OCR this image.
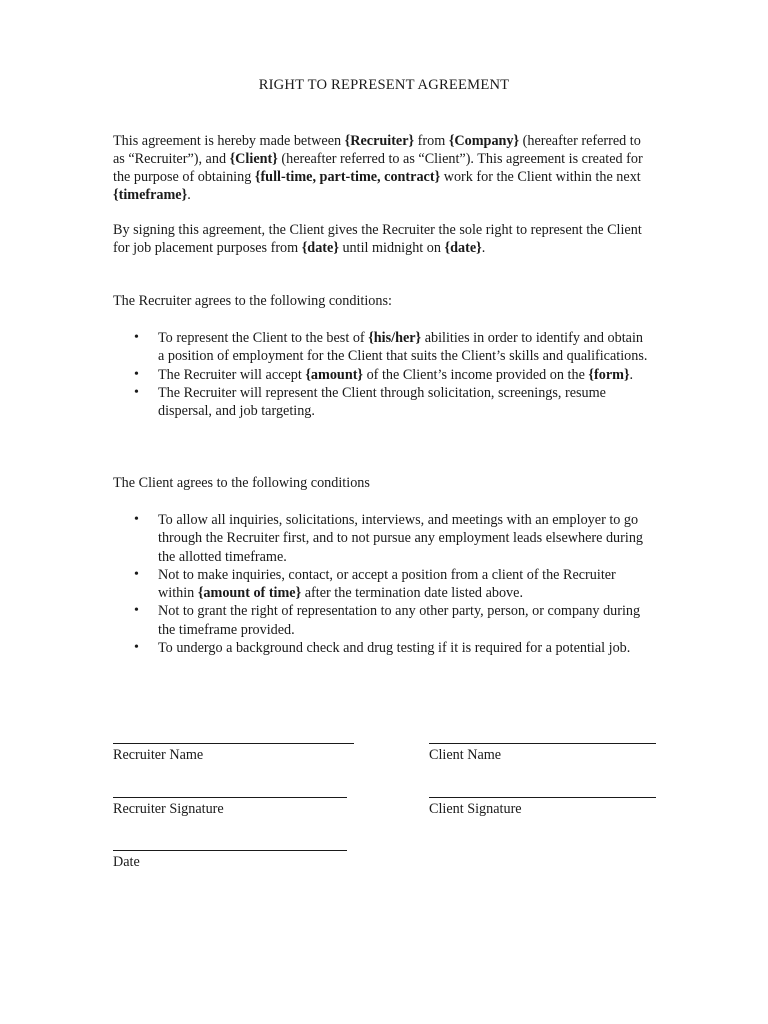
RIGHT TO REPRESENT AGREEMENT

This agreement is hereby made between {Recruiter} from {Company} (hereafter referred to as “Recruiter”), and {Client} (hereafter referred to as “Client”). This agreement is created for the purpose of obtaining {full-time, part-time, contract} work for the Client within the next {timeframe}.

By signing this agreement, the Client gives the Recruiter the sole right to represent the Client for job placement purposes from {date} until midnight on {date}.

The Recruiter agrees to the following conditions:

• To represent the Client to the best of {his/her} abilities in order to identify and obtain a position of employment for the Client that suits the Client’s skills and qualifications.
• The Recruiter will accept {amount} of the Client’s income provided on the {form}.
• The Recruiter will represent the Client through solicitation, screenings, resume dispersal, and job targeting.

The Client agrees to the following conditions

• To allow all inquiries, solicitations, interviews, and meetings with an employer to go through the Recruiter first, and to not pursue any employment leads elsewhere during the allotted timeframe.
• Not to make inquiries, contact, or accept a position from a client of the Recruiter within {amount of time} after the termination date listed above.
• Not to grant the right of representation to any other party, person, or company during the timeframe provided.
• To undergo a background check and drug testing if it is required for a potential job.
Recruiter Name	Client Name
Recruiter Signature	Client Signature
Date
